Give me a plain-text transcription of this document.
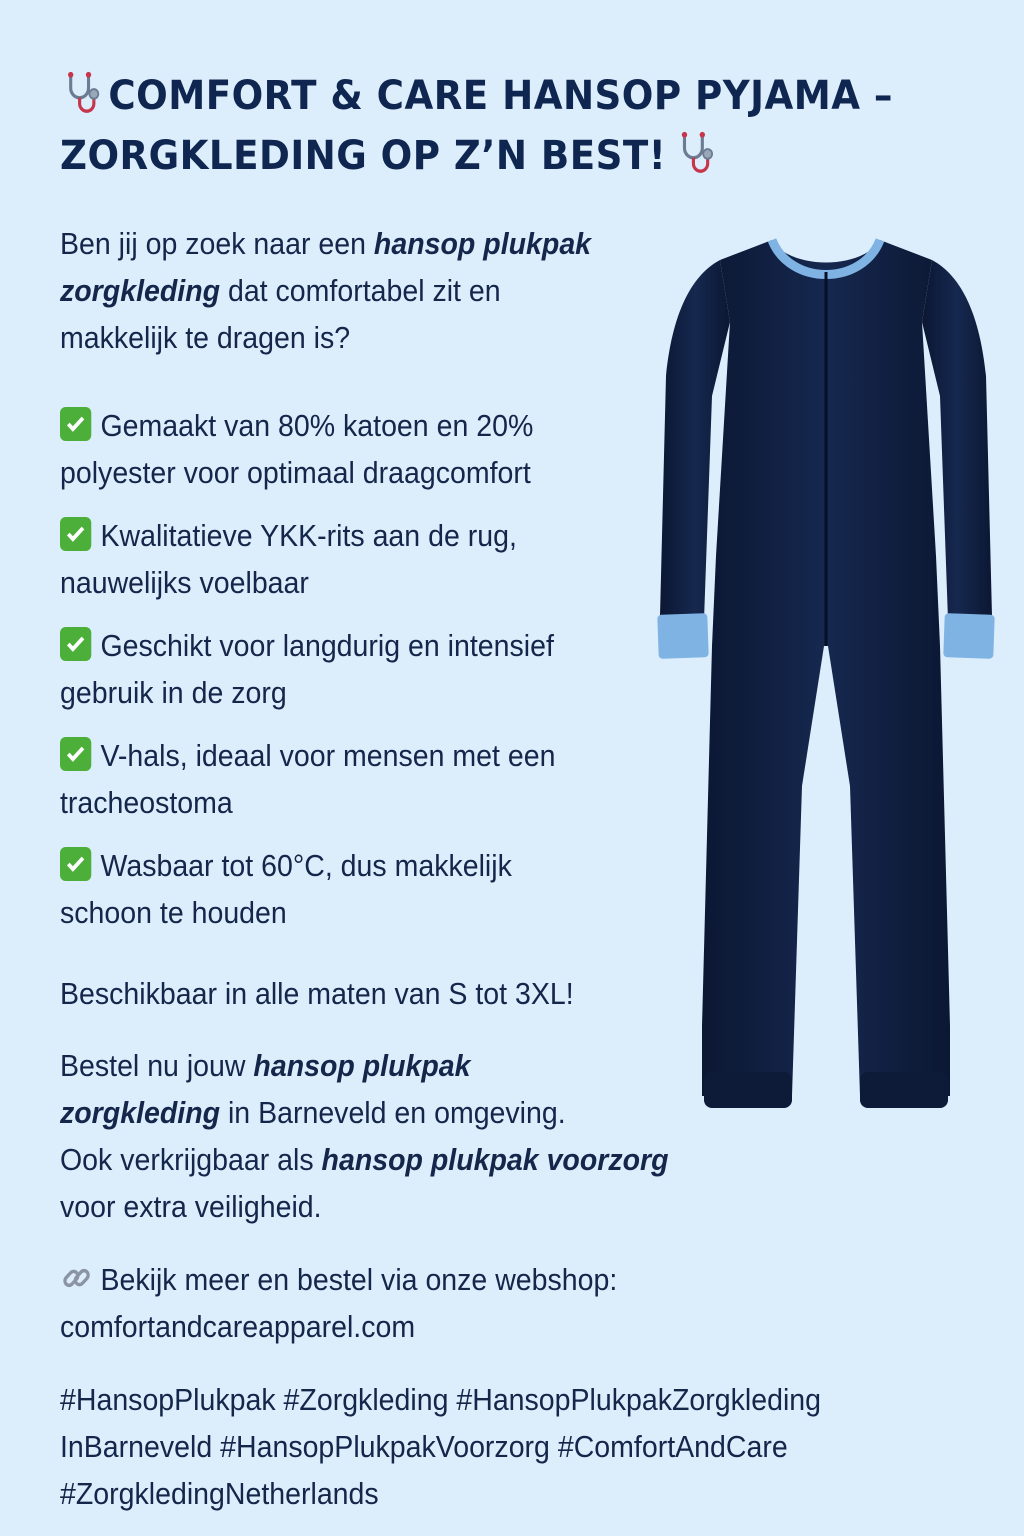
COMFORT & CARE HANSOP PYJAMA –
ZORGKLEDING OP Z’N BEST!
Ben jij op zoek naar een hansop plukpak
zorgkleding dat comfortabel zit en
makkelijk te dragen is?
Gemaakt van 80% katoen en 20%
polyester voor optimaal draagcomfort
Kwalitatieve YKK-rits aan de rug,
nauwelijks voelbaar
Geschikt voor langdurig en intensief
gebruik in de zorg
V-hals, ideaal voor mensen met een
tracheostoma
Wasbaar tot 60°C, dus makkelijk
schoon te houden
Beschikbaar in alle maten van S tot 3XL!
Bestel nu jouw hansop plukpak
zorgkleding in Barneveld en omgeving.
Ook verkrijgbaar als hansop plukpak voorzorg
voor extra veiligheid.
Bekijk meer en bestel via onze webshop:
comfortandcareapparel.com
#HansopPlukpak #Zorgkleding #HansopPlukpakZorgkleding
InBarneveld #HansopPlukpakVoorzorg #ComfortAndCare
#ZorgkledingNetherlands
